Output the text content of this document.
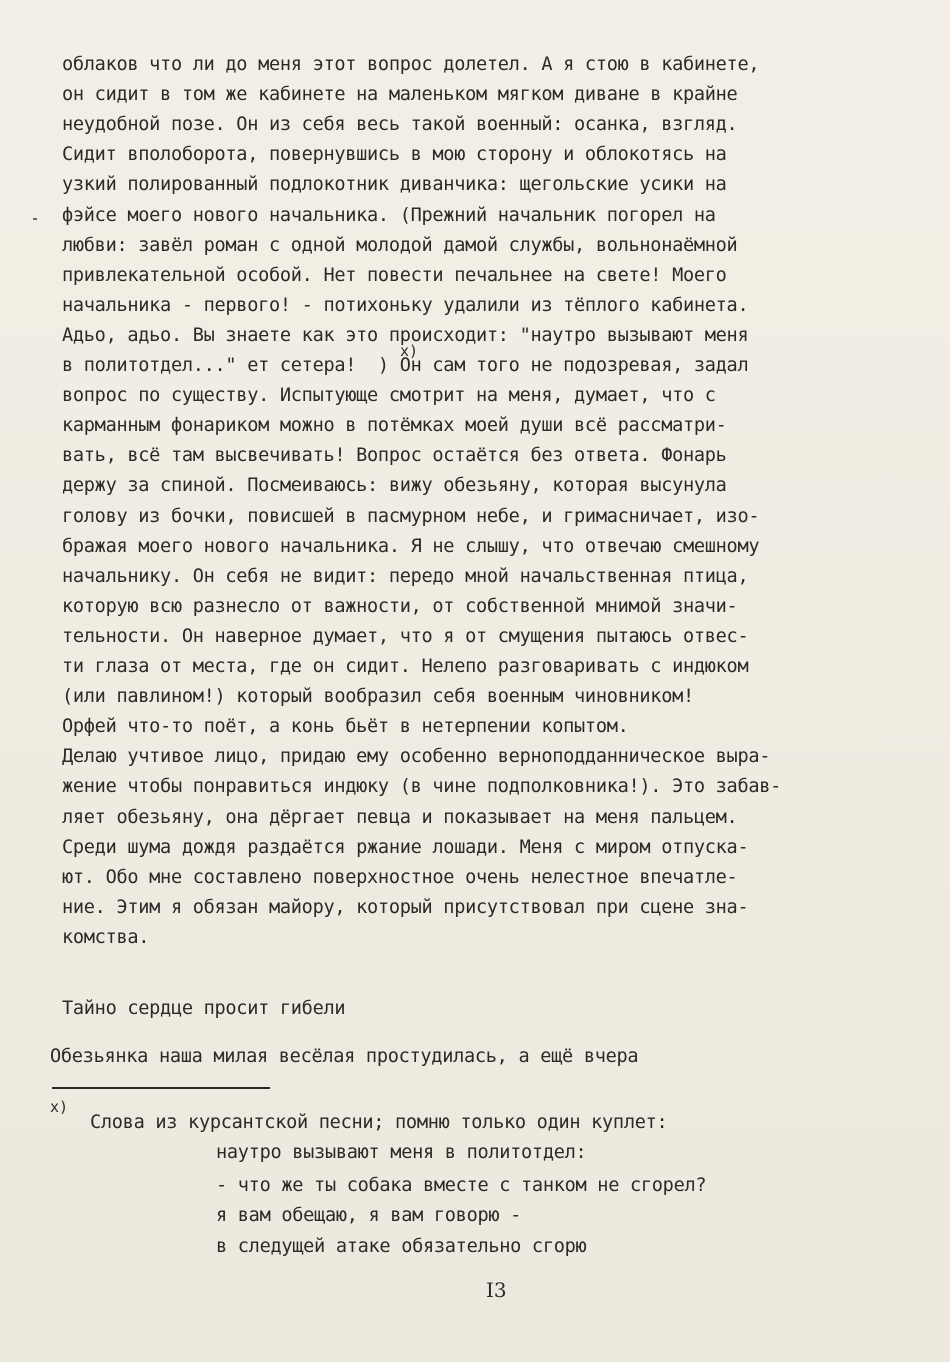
облаков что ли до меня этот вопрос долетел. А я стою в кабинете,
он сидит в том же кабинете на маленьком мягком диване в крайне
неудобной позе. Он из себя весь такой военный: осанка, взгляд.
Сидит вполоборота, повернувшись в мою сторону и облокотясь на
узкий полированный подлокотник диванчика: щегольские усики на
фэйсе моего нового начальника. (Прежний начальник погорел на
любви: завёл роман с одной молодой дамой службы, вольнонаёмной
привлекательной особой. Нет повести печальнее на свете! Моего
начальника - первого! - потихоньку удалили из тёплого кабинета.
Адьо, адьо. Вы знаете как это происходит: "наутро вызывают меня
в политотдел..." ет сетера!  ) Он сам того не подозревая, задал
вопрос по существу. Испытующе смотрит на меня, думает, что с
карманным фонариком можно в потёмках моей души всё рассматри-
вать, всё там высвечивать! Вопрос остаётся без ответа. Фонарь
держу за спиной. Посмеиваюсь: вижу обезьяну, которая высунула
голову из бочки, повисшей в пасмурном небе, и гримасничает, изо-
бражая моего нового начальника. Я не слышу, что отвечаю смешному
начальнику. Он себя не видит: передо мной начальственная птица,
которую всю разнесло от важности, от собственной мнимой значи-
тельности. Он наверное думает, что я от смущения пытаюсь отвес-
ти глаза от места, где он сидит. Нелепо разговаривать с индюком
(или павлином!) который вообразил себя военным чиновником!
Орфей что-то поёт, а конь бьёт в нетерпении копытом.
Делаю учтивое лицо, придаю ему особенно верноподданническое выра-
жение чтобы понравиться индюку (в чине подполковника!). Это забав-
ляет обезьяну, она дёргает певца и показывает на меня пальцем.
Среди шума дождя раздаётся ржание лошади. Меня с миром отпуска-
ют. Обо мне составлено поверхностное очень нелестное впечатле-
ние. Этим я обязан майору, который присутствовал при сцене зна-
комства.
x)
Тайно сердце просит гибели
Обезьянка наша милая весёлая простудилась, а ещё вчера
x)
Слова из курсантской песни; помню только один куплет:
наутро вызывают меня в политотдел:
- что же ты собака вместе с танком не сгорел?
я вам обещаю, я вам говорю -
в следущей атаке обязательно сгорю
I3
